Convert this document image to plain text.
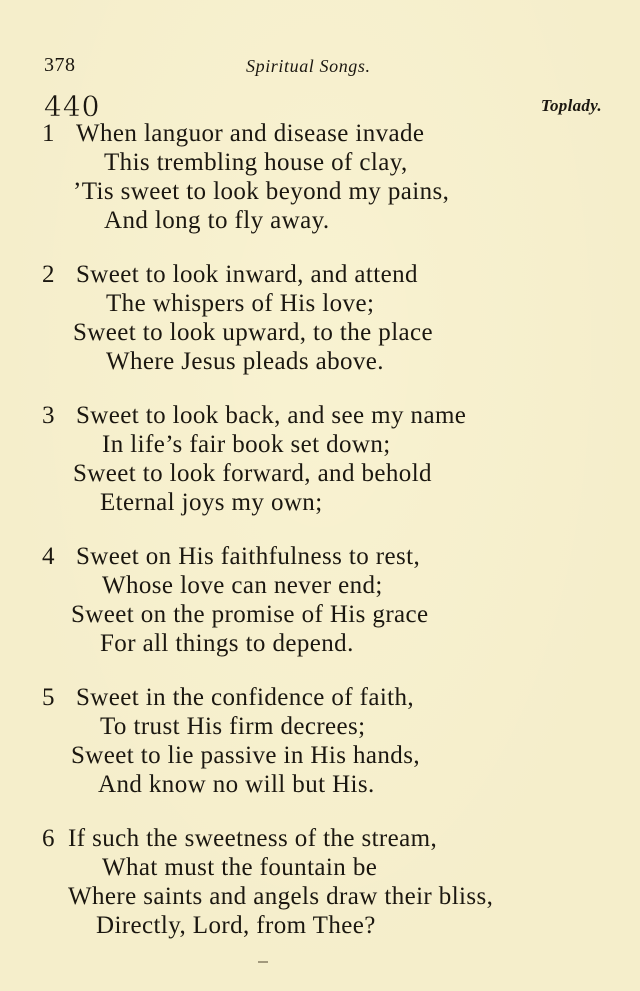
378	Spiritual Songs.
440	Toplady.
1 When languor and disease invade
This trembling house of clay,
’Tis sweet to look beyond my pains,
And long to fly away.
2 Sweet to look inward, and attend
The whispers of His love;
Sweet to look upward, to the place
Where Jesus pleads above.
3 Sweet to look back, and see my name
In life’s fair book set down;
Sweet to look forward, and behold
Eternal joys my own;
4 Sweet on His faithfulness to rest,
Whose love can never end;
Sweet on the promise of His grace
For all things to depend.
5 Sweet in the confidence of faith,
To trust His firm decrees;
Sweet to lie passive in His hands,
And know no will but His.
6 If such the sweetness of the stream,
What must the fountain be
Where saints and angels draw their bliss,
Directly, Lord, from Thee?
